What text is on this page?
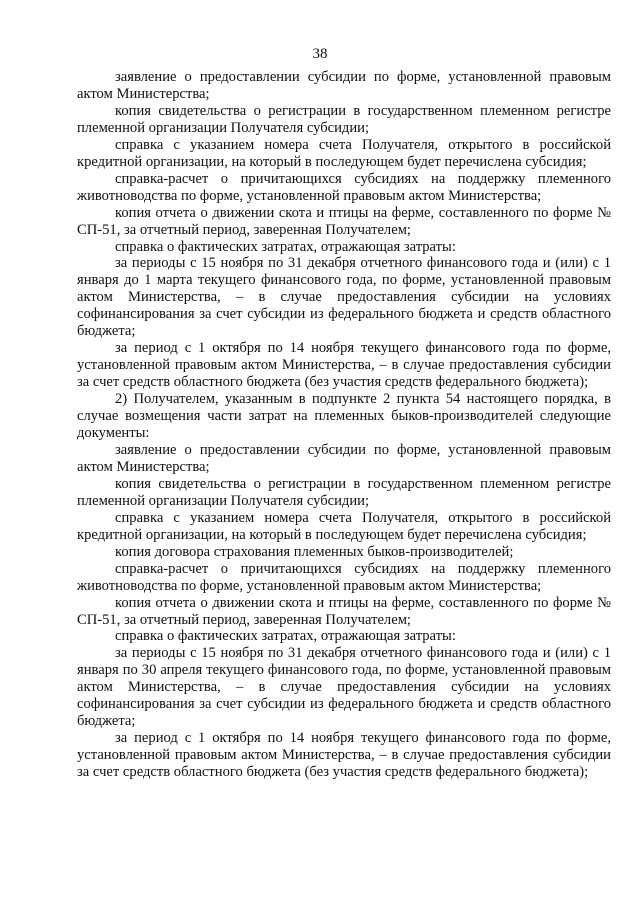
38

заявление о предоставлении субсидии по форме, установленной правовым актом Министерства;

копия свидетельства о регистрации в государственном племенном регистре племенной организации Получателя субсидии;

справка с указанием номера счета Получателя, открытого в российской кредитной организации, на который в последующем будет перечислена субсидия;

справка-расчет о причитающихся субсидиях на поддержку племенного животноводства по форме, установленной правовым актом Министерства;

копия отчета о движении скота и птицы на ферме, составленного по форме № СП-51, за отчетный период, заверенная Получателем;

справка о фактических затратах, отражающая затраты:

за периоды с 15 ноября по 31 декабря отчетного финансового года и (или) с 1 января до 1 марта текущего финансового года, по форме, установленной правовым актом Министерства, – в случае предоставления субсидии на условиях софинансирования за счет субсидии из федерального бюджета и средств областного бюджета;

за период с 1 октября по 14 ноября текущего финансового года по форме, установленной правовым актом Министерства, – в случае предоставления субсидии за счет средств областного бюджета (без участия средств федерального бюджета);

2) Получателем, указанным в подпункте 2 пункта 54 настоящего порядка, в случае возмещения части затрат на племенных быков-производителей следующие документы:

заявление о предоставлении субсидии по форме, установленной правовым актом Министерства;

копия свидетельства о регистрации в государственном племенном регистре племенной организации Получателя субсидии;

справка с указанием номера счета Получателя, открытого в российской кредитной организации, на который в последующем будет перечислена субсидия;

копия договора страхования племенных быков-производителей;

справка-расчет о причитающихся субсидиях на поддержку племенного животноводства по форме, установленной правовым актом Министерства;

копия отчета о движении скота и птицы на ферме, составленного по форме № СП-51, за отчетный период, заверенная Получателем;

справка о фактических затратах, отражающая затраты:

за периоды с 15 ноября по 31 декабря отчетного финансового года и (или) с 1 января по 30 апреля текущего финансового года, по форме, установленной правовым актом Министерства, – в случае предоставления субсидии на условиях софинансирования за счет субсидии из федерального бюджета и средств областного бюджета;

за период с 1 октября по 14 ноября текущего финансового года по форме, установленной правовым актом Министерства, – в случае предоставления субсидии за счет средств областного бюджета (без участия средств федерального бюджета);
